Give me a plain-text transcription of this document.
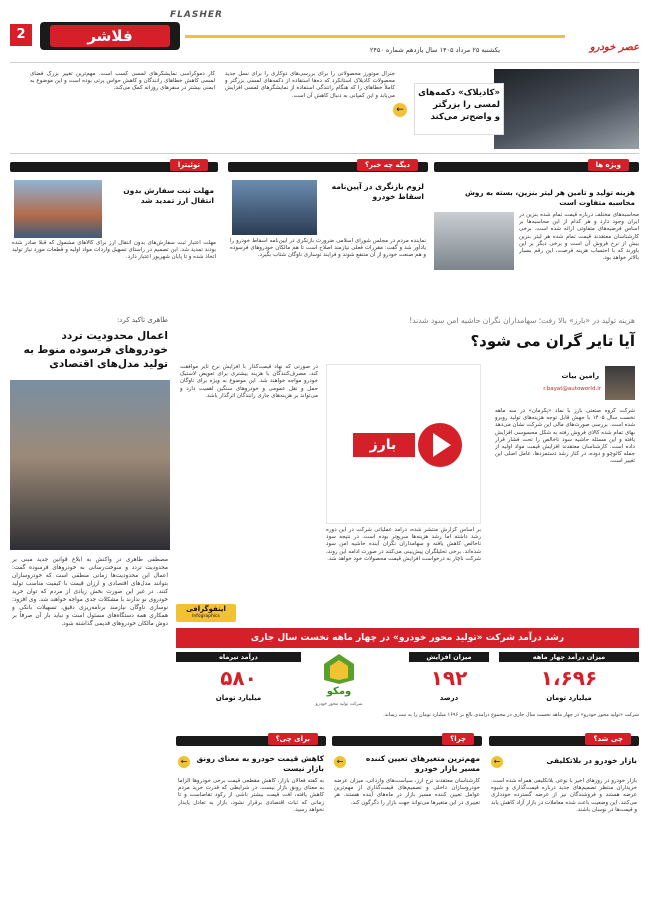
2
FLASHER
فلاشر
یکشنبه ۲۵ مرداد ۱۴۰۵ سال یازدهم شماره ۲۴۵۰	عصر خودرو
«کادیلاک» دکمه‌های
لمسی را بزرگتر
و واضح‌تر می‌کند
←
جنرال موتورز محصولاتی را برای بررسی‌های دوکاری را برای نسل جدید محصولات کادیلاک استانکرد که ده‌ها استفاده از دکمه‌های لمسی بزرگتر و کاملاً خطاهای را که هنگام رانندگی استفاده از نمایشگرهای لمسی افزایش می‌یابد و این کمپانی به دنبال کاهش آن است.
کار دموکراسی نمایشگرهای لمسی کسب است. مهم‌ترین تغییر بزرگ فضای لمسی کاهش خطاهای رانندگان و کاهش حواس پرتی بوده است و این موضوع به ایمنی بیشتر در سفرهای روزانه کمک می‌کند.
ویژه ها
هزینه تولید و تامین هر لیتر بنزین، بسته به روش محاسبه متفاوت است
محاسبه‌های مختلف درباره قیمت تمام شده بنزین در ایران وجود دارد و هر کدام از این محاسبه‌ها بر اساس فرضیه‌های متفاوتی ارائه شده است. برخی کارشناسان معتقدند قیمت تمام شده هر لیتر بنزین بیش از نرخ فروش آن است و برخی دیگر بر این باورند که با احتساب هزینه فرصت، این رقم بسیار بالاتر خواهد بود.
دیگه چه خبر؟
لزوم بازنگری در آیین‌نامه اسقاط خودرو
نماینده مردم در مجلس شورای اسلامی ضرورت بازنگری در آیین‌نامه اسقاط خودرو را یادآور شد و گفت: مقررات فعلی نیازمند اصلاح است تا هم مالکان خودروهای فرسوده و هم صنعت خودرو از آن منتفع شوند و فرایند نوسازی ناوگان شتاب بگیرد.
توئیترا
مهلت ثبت سفارش بدون انتقال ارز تمدید شد
مهلت اعتبار ثبت سفارش‌های بدون انتقال ارز برای کالاهای مشمول که قبلاً صادر شده بودند تمدید شد. این تصمیم در راستای تسهیل واردات مواد اولیه و قطعات مورد نیاز تولید اتخاذ شده و تا پایان شهریور اعتبار دارد.
هزینه تولید در «بارز» بالا رفت؛ سهامداران نگران حاشیه امن سود شدند!
آیا تایر گران می شود؟
رامین بیات
r.bayat@autoworld.ir
شرکت گروه صنعتی بارز با نماد «پکرمان» در سه ماهه نخست سال ۱۴۰۵ با جهش قابل توجه هزینه‌های تولید روبرو شده است. بررسی صورت‌های مالی این شرکت نشان می‌دهد بهای تمام شده کالای فروش رفته به شکل محسوسی افزایش یافته و این مسئله حاشیه سود ناخالص را تحت فشار قرار داده است. کارشناسان معتقدند افزایش قیمت مواد اولیه از جمله کائوچو و دوده، در کنار رشد دستمزدها، عامل اصلی این تغییر است.
بارز
بر اساس گزارش منتشر شده، درآمد عملیاتی شرکت در این دوره رشد داشته اما رشد هزینه‌ها سریع‌تر بوده است. در نتیجه سود ناخالص کاهش یافته و سهامداران نگران آینده حاشیه امن سود شده‌اند. برخی تحلیلگران پیش‌بینی می‌کنند در صورت ادامه این روند، شرکت ناچار به درخواست افزایش قیمت محصولات خود خواهد شد.
در صورتی که نهاد قیمت‌گذار با افزایش نرخ تایر موافقت کند، مصرف‌کنندگان با هزینه بیشتری برای تعویض لاستیک خودرو مواجه خواهند شد. این موضوع به ویژه برای ناوگان حمل و نقل عمومی و خودروهای سنگین اهمیت دارد و می‌تواند بر هزینه‌های جاری رانندگان اثرگذار باشد.
طاهری تاکید کرد:
اعمال محدودیت تردد
خودروهای فرسوده منوط به
تولید مدل‌های اقتصادی
مصطفی طاهری در واکنش به ابلاغ قوانین جدید مبنی بر محدودیت تردد و سوخت‌رسانی به خودروهای فرسوده گفت: اعمال این محدودیت‌ها زمانی منطقی است که خودروسازان بتوانند مدل‌های اقتصادی و ارزان قیمت با کیفیت مناسب تولید کنند. در غیر این صورت بخش زیادی از مردم که توان خرید خودروی نو ندارند با مشکلات جدی مواجه خواهند شد. وی افزود: نوسازی ناوگان نیازمند برنامه‌ریزی دقیق، تسهیلات بانکی و همکاری همه دستگاه‌های مسئول است و نباید بار آن صرفاً بر دوش مالکان خودروهای قدیمی گذاشته شود.
اینفوگرافی
Infographics
رشد درآمد شرکت «تولید محور خودرو» در چهار ماهه نخست سال جاری
میزان درآمد چهار ماهه
۱،۶۹۶
میلیارد تومان
میزان افزایش
۱۹۲
درصد
ومکو
شرکت تولید محور خودرو
درآمد تیرماه
۵۸۰
میلیارد تومان
شرکت «تولید محور خودرو» در چهار ماهه نخست سال جاری در مجموع درآمدی بالغ بر ۱۶۹۶ میلیارد تومان را به ثبت رساند.
چی شد؟
←	بازار خودرو در بلاتکلیفی
بازار خودرو در روزهای اخیر با نوعی بلاتکلیفی همراه شده است. خریداران منتظر تصمیم‌های جدید درباره قیمت‌گذاری و شیوه عرضه هستند و فروشندگان نیز از عرضه گسترده خودداری می‌کنند. این وضعیت باعث شده معاملات در بازار آزاد کاهش یابد و قیمت‌ها در نوسان باشند.
چرا؟
←	مهم‌ترین متغیرهای تعیین کننده مسیر بازار خودرو
کارشناسان معتقدند نرخ ارز، سیاست‌های وارداتی، میزان عرضه خودروسازان داخلی و تصمیم‌های قیمت‌گذاری از مهم‌ترین عوامل تعیین کننده مسیر بازار در ماه‌های آینده هستند. هر تغییری در این متغیرها می‌تواند جهت بازار را دگرگون کند.
برای چی؟
←	کاهش قیمت خودرو به معنای رونق بازار نیست
به گفته فعالان بازار، کاهش مقطعی قیمت برخی خودروها الزاماً به معنای رونق بازار نیست. در شرایطی که قدرت خرید مردم کاهش یافته، افت قیمت بیشتر ناشی از رکود تقاضاست و تا زمانی که ثبات اقتصادی برقرار نشود، بازار به تعادل پایدار نخواهد رسید.
